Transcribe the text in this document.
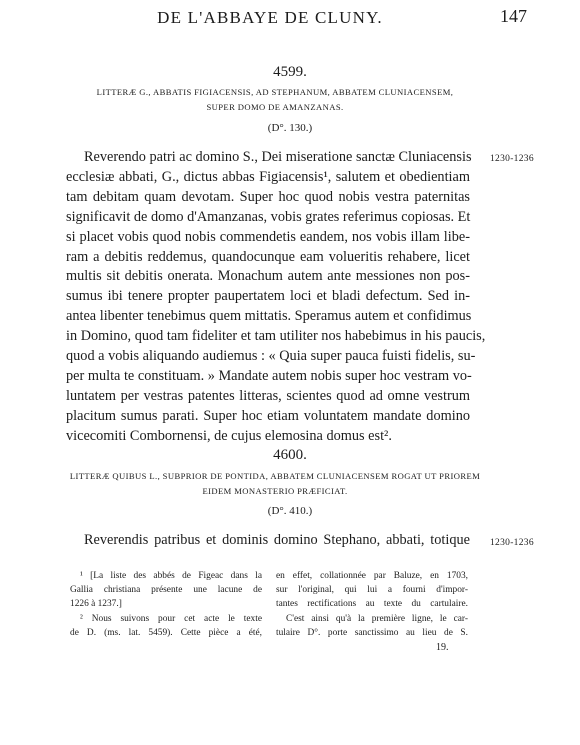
DE L'ABBAYE DE CLUNY.	147
4599.
LITTERÆ G., ABBATIS FIGIACENSIS, AD STEPHANUM, ABBATEM CLUNIACENSEM,
SUPER DOMO DE AMANZANAS.
(D°. 130.)
1230-1236
Reverendo patri ac domino S., Dei miseratione sanctæ Cluniacensis
ecclesiæ abbati, G., dictus abbas Figiacensis¹, salutem et obedientiam
tam debitam quam devotam. Super hoc quod nobis vestra paternitas
significavit de domo d'Amanzanas, vobis grates referimus copiosas. Et
si placet vobis quod nobis commendetis eandem, nos vobis illam libe-
ram a debitis reddemus, quandocunque eam volueritis rehabere, licet
multis sit debitis onerata. Monachum autem ante messiones non pos-
sumus ibi tenere propter paupertatem loci et bladi defectum. Sed in-
antea libenter tenebimus quem mittatis. Speramus autem et confidimus
in Domino, quod tam fideliter et tam utiliter nos habebimus in his paucis,
quod a vobis aliquando audiemus : « Quia super pauca fuisti fidelis, su-
per multa te constituam. » Mandate autem nobis super hoc vestram vo-
luntatem per vestras patentes litteras, scientes quod ad omne vestrum
placitum sumus parati. Super hoc etiam voluntatem mandate domino
vicecomiti Combornensi, de cujus elemosina domus est².
4600.
LITTERÆ QUIBUS L., SUBPRIOR DE PONTIDA, ABBATEM CLUNIACENSEM ROGAT UT PRIOREM
EIDEM MONASTERIO PRÆFICIAT.
(D°. 410.)
1230-1236
Reverendis patribus et dominis domino Stephano, abbati, totique
¹ [La liste des abbés de Figeac dans la
Gallia christiana présente une lacune de
1226 à 1237.]
² Nous suivons pour cet acte le texte
de D. (ms. lat. 5459). Cette pièce a été,
en effet, collationnée par Baluze, en 1703,
sur l'original, qui lui a fourni d'impor-
tantes rectifications au texte du cartulaire.
C'est ainsi qu'à la première ligne, le car-
tulaire D°. porte sanctissimo au lieu de S.
19.
